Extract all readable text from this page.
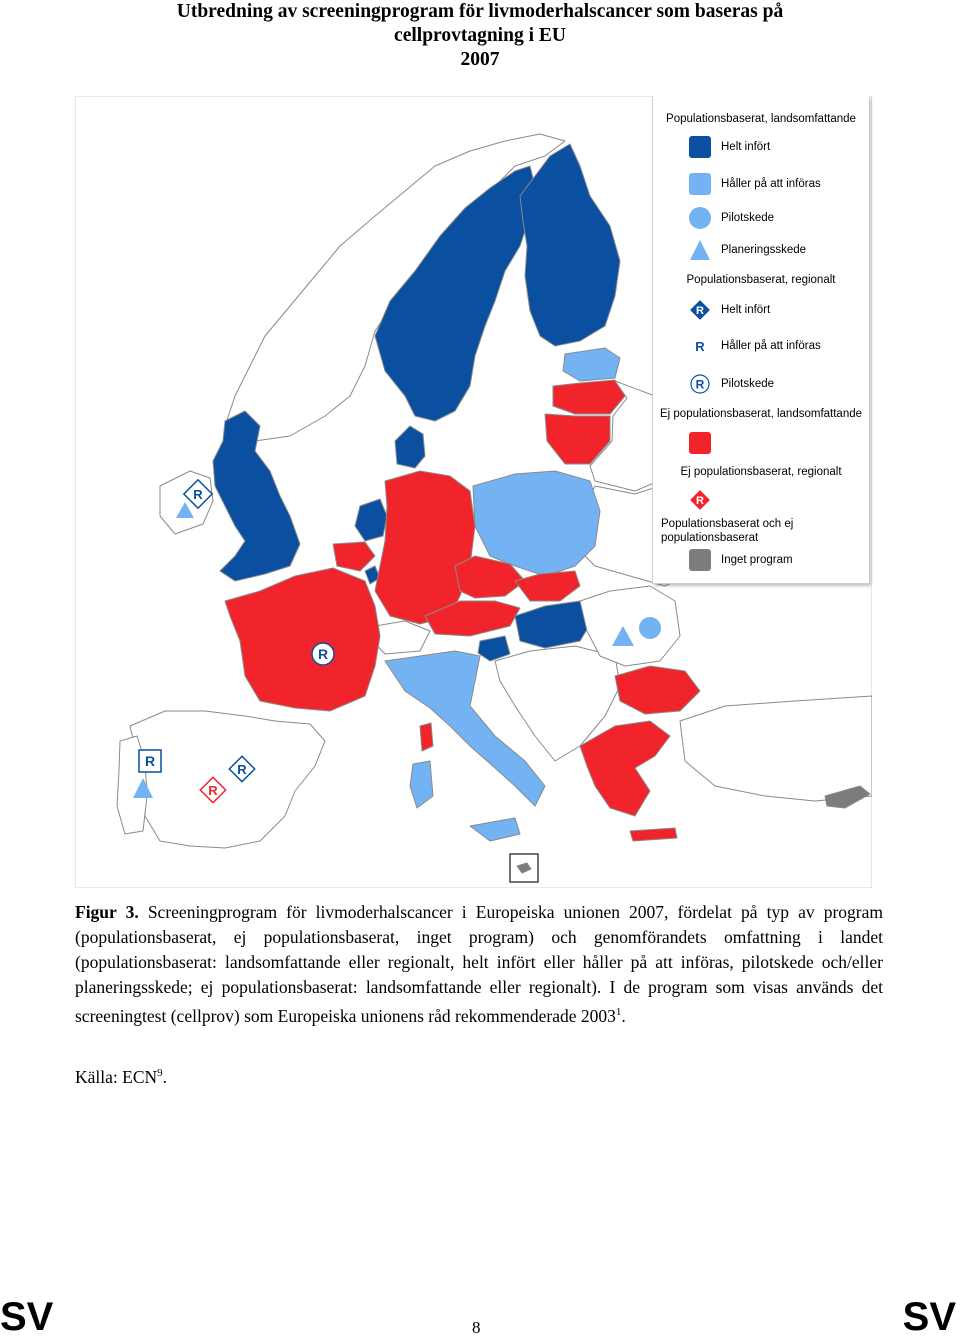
Utbredning av screeningprogram för livmoderhalscancer som baseras på
cellprovtagning i EU
2007
R
R
R
R
R
Populationsbaserat, landsomfattande
Helt infört
Håller på att införas
Pilotskede
Planeringsskede
Populationsbaserat, regionalt
R Helt infört
R Håller på att införas
R Pilotskede
Ej populationsbaserat, landsomfattande
Ej populationsbaserat, regionalt
R
Populationsbaserat och ej
populationsbaserat
Inget program

Figur 3. Screeningprogram för livmoderhalscancer i Europeiska unionen 2007, fördelat på typ av program (populationsbaserat, ej populationsbaserat, inget program) och genomförandets omfattning i landet (populationsbaserat: landsomfattande eller regionalt, helt infört eller håller på att införas, pilotskede och/eller planeringsskede; ej populationsbaserat: landsomfattande eller regionalt). I de program som visas används det screeningtest (cellprov) som Europeiska unionens råd rekommenderade 2003$^1$.

Källa: ECN$^9$.
SV	8	SV
